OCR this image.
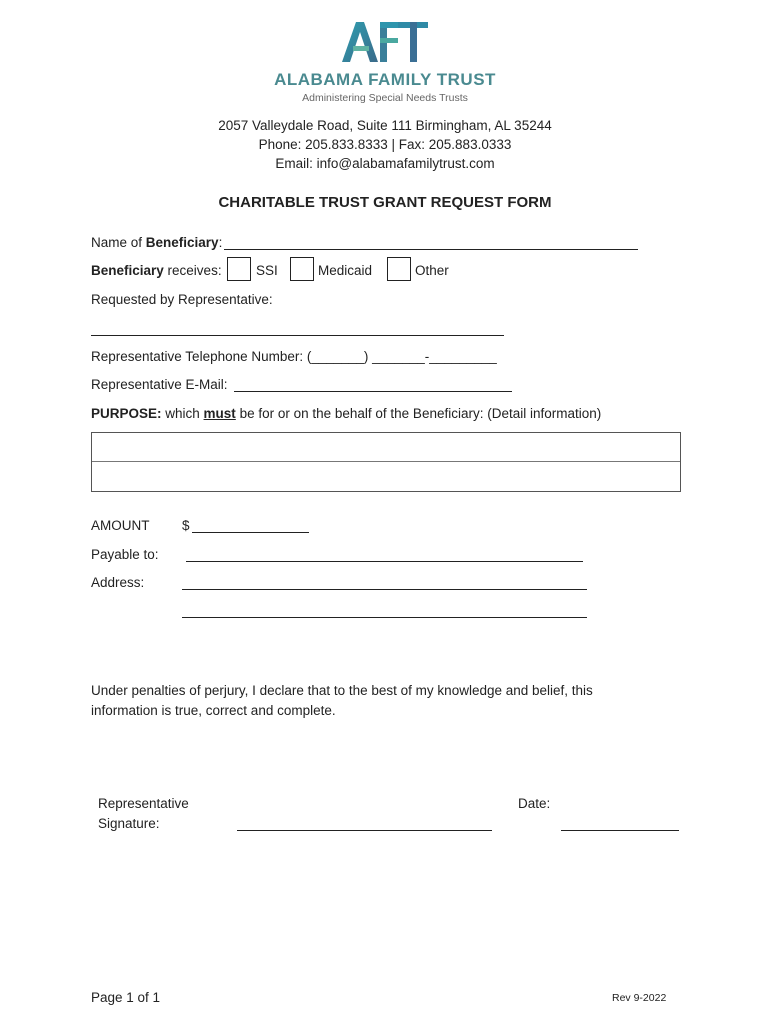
ALABAMA FAMILY TRUST
Administering Special Needs Trusts
2057 Valleydale Road, Suite 111 Birmingham, AL 35244
Phone: 205.833.8333 | Fax: 205.883.0333
Email: info@alabamafamilytrust.com
CHARITABLE TRUST GRANT REQUEST FORM
Name of Beneficiary:
Beneficiary receives:	SSI	Medicaid	Other
Requested by Representative:
Representative Telephone Number: (_______) _______-_________
Representative E-Mail:
PURPOSE: which must be for or on the behalf of the Beneficiary: (Detail information)
AMOUNT $
Payable to:
Address:
Under penalties of perjury, I declare that to the best of my knowledge and belief, this
information is true, correct and complete.
Representative
Signature:
Date:
Page 1 of 1	Rev 9-2022
